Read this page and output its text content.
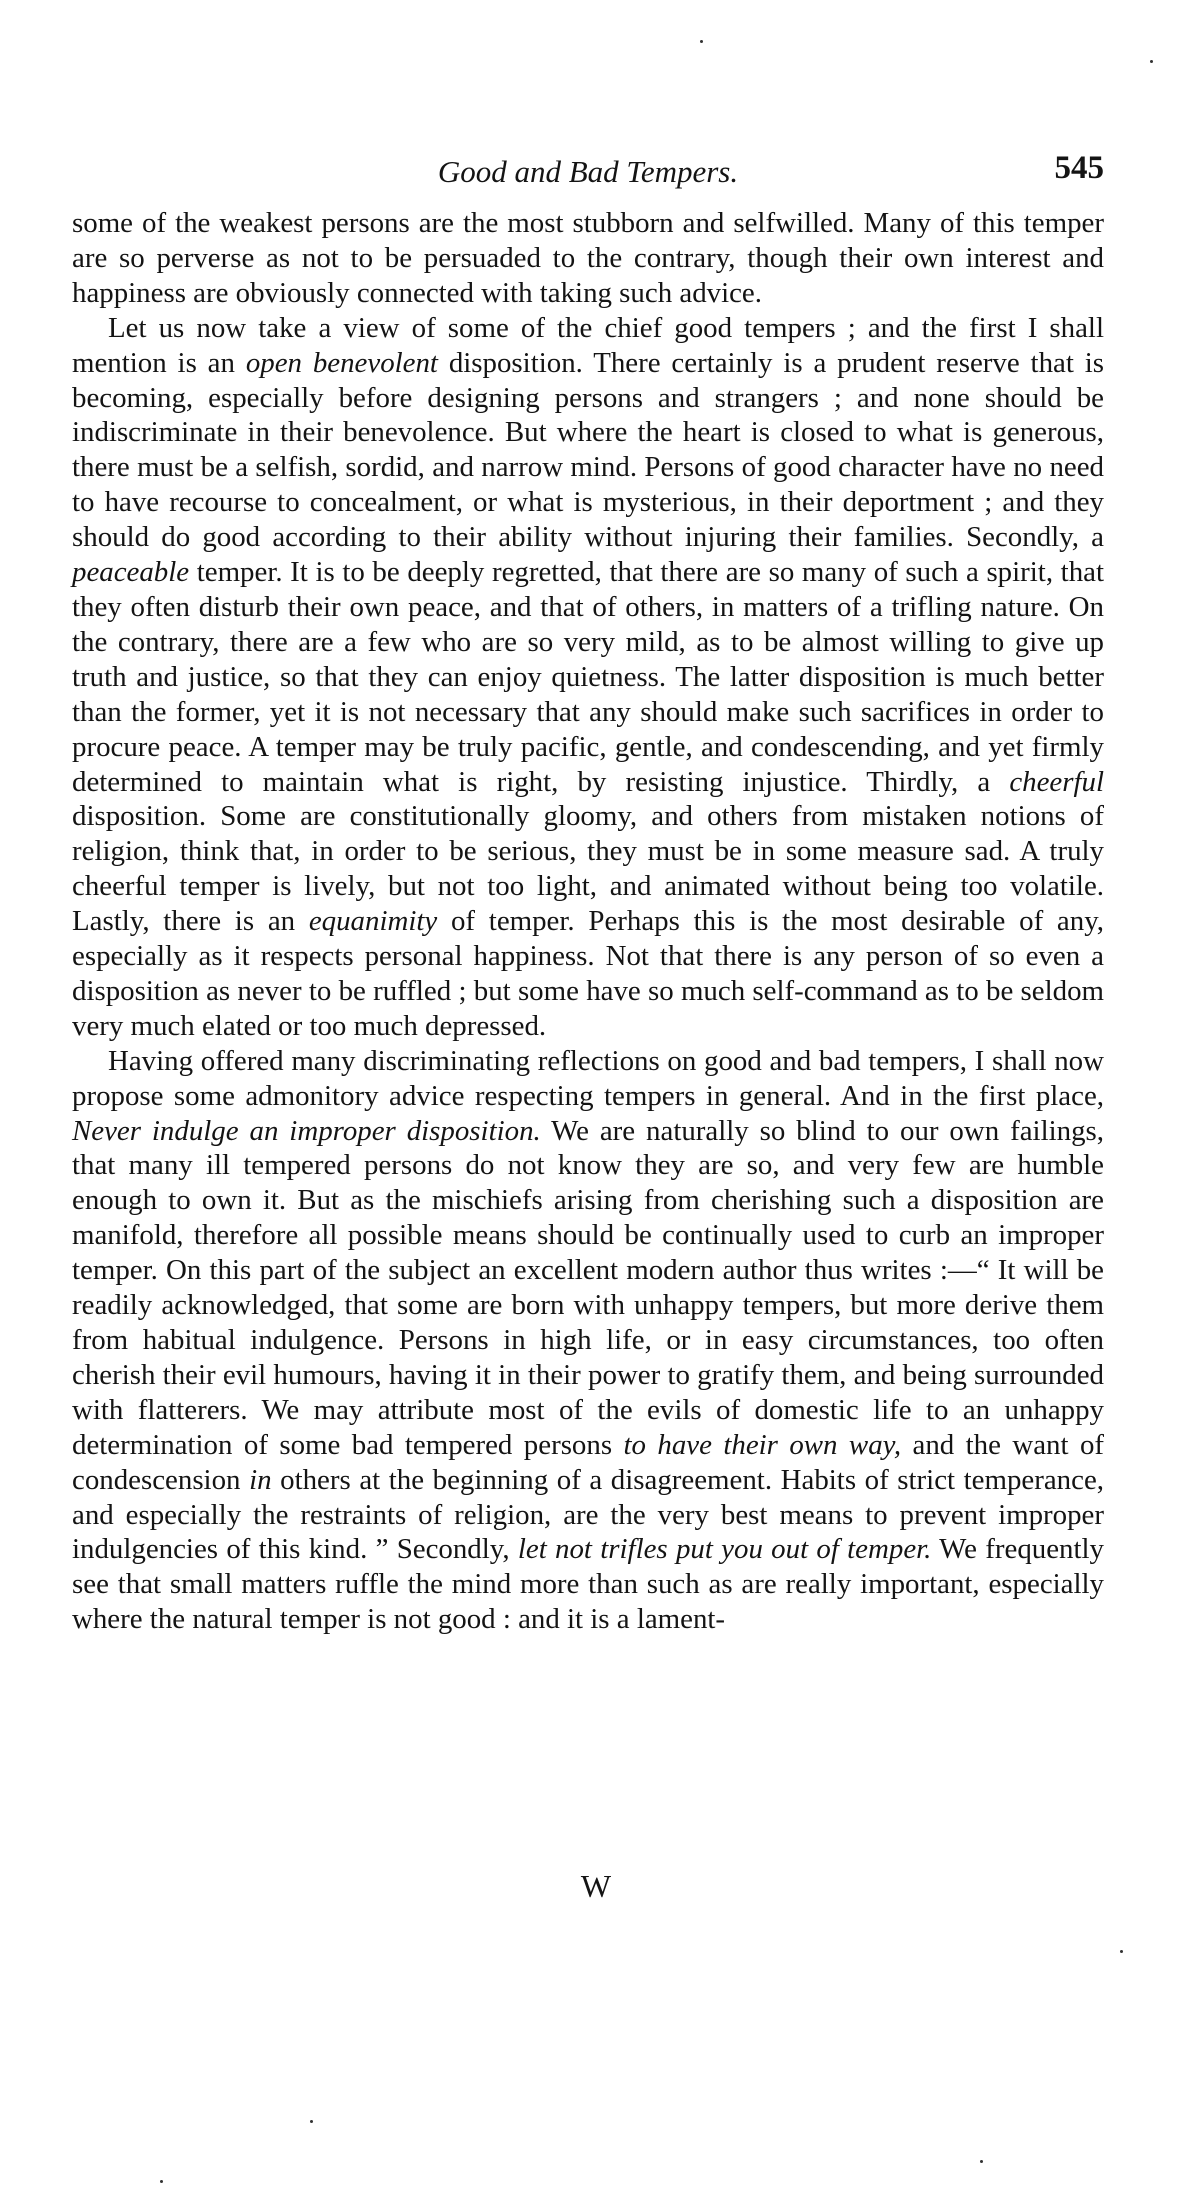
Good and Bad Tempers.	545

some of the weakest persons are the most stubborn and selfwilled. Many of this temper are so perverse as not to be persuaded to the contrary, though their own interest and happiness are obviously connected with taking such advice.

Let us now take a view of some of the chief good tempers ; and the first I shall mention is an open benevolent disposition. There certainly is a prudent reserve that is becoming, especially before designing persons and strangers ; and none should be indiscriminate in their benevolence. But where the heart is closed to what is generous, there must be a selfish, sordid, and narrow mind. Persons of good character have no need to have recourse to concealment, or what is mysterious, in their deportment ; and they should do good according to their ability without injuring their families. Secondly, a peaceable temper. It is to be deeply regretted, that there are so many of such a spirit, that they often disturb their own peace, and that of others, in matters of a trifling nature. On the contrary, there are a few who are so very mild, as to be almost willing to give up truth and justice, so that they can enjoy quietness. The latter disposition is much better than the former, yet it is not necessary that any should make such sacrifices in order to procure peace. A temper may be truly pacific, gentle, and condescending, and yet firmly determined to maintain what is right, by resisting injustice. Thirdly, a cheerful disposition. Some are constitutionally gloomy, and others from mistaken notions of religion, think that, in order to be serious, they must be in some measure sad. A truly cheerful temper is lively, but not too light, and animated without being too volatile. Lastly, there is an equanimity of temper. Perhaps this is the most desirable of any, especially as it respects personal happiness. Not that there is any person of so even a disposition as never to be ruffled ; but some have so much self-command as to be seldom very much elated or too much depressed.

Having offered many discriminating reflections on good and bad tempers, I shall now propose some admonitory advice respecting tempers in general. And in the first place, Never indulge an improper disposition. We are naturally so blind to our own failings, that many ill tempered persons do not know they are so, and very few are humble enough to own it. But as the mischiefs arising from cherishing such a disposition are manifold, therefore all possible means should be continually used to curb an improper temper. On this part of the subject an excellent modern author thus writes :—“ It will be readily acknowledged, that some are born with unhappy tempers, but more derive them from habitual indulgence. Persons in high life, or in easy circumstances, too often cherish their evil humours, having it in their power to gratify them, and being surrounded with flatterers. We may attribute most of the evils of domestic life to an unhappy determination of some bad tempered persons to have their own way, and the want of condescension in others at the beginning of a disagreement. Habits of strict temperance, and especially the restraints of religion, are the very best means to prevent improper indulgencies of this kind. ” Secondly, let not trifles put you out of temper. We frequently see that small matters ruffle the mind more than such as are really important, especially where the natural temper is not good : and it is a lament-

W
